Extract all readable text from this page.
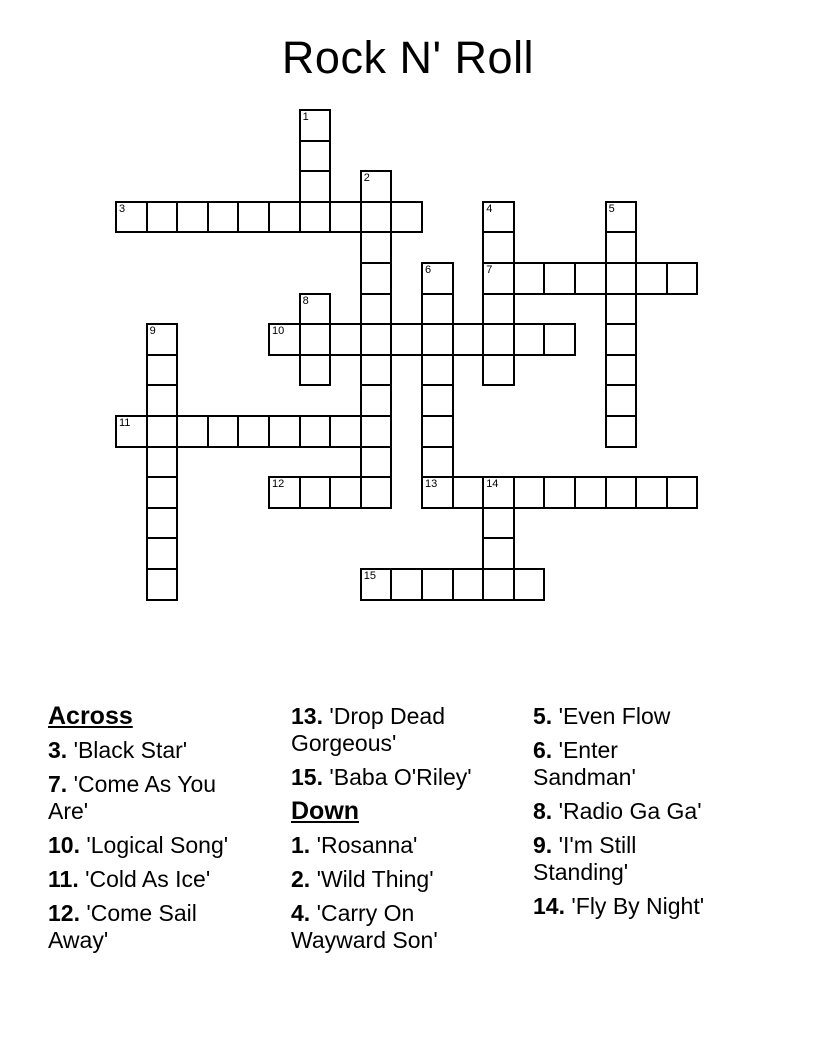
Rock N' Roll
1
2
3	4
7
5
6
13
8
9	10
11
12	14
15
Across
3. 'Black Star'
7. 'Come As You
Are'
10. 'Logical Song'
11. 'Cold As Ice'
12. 'Come Sail
Away'
13. 'Drop Dead
Gorgeous'
15. 'Baba O'Riley'
Down
1. 'Rosanna'
2. 'Wild Thing'
4. 'Carry On
Wayward Son'
5. 'Even Flow
6. 'Enter
Sandman'
8. 'Radio Ga Ga'
9. 'I'm Still
Standing'
14. 'Fly By Night'
